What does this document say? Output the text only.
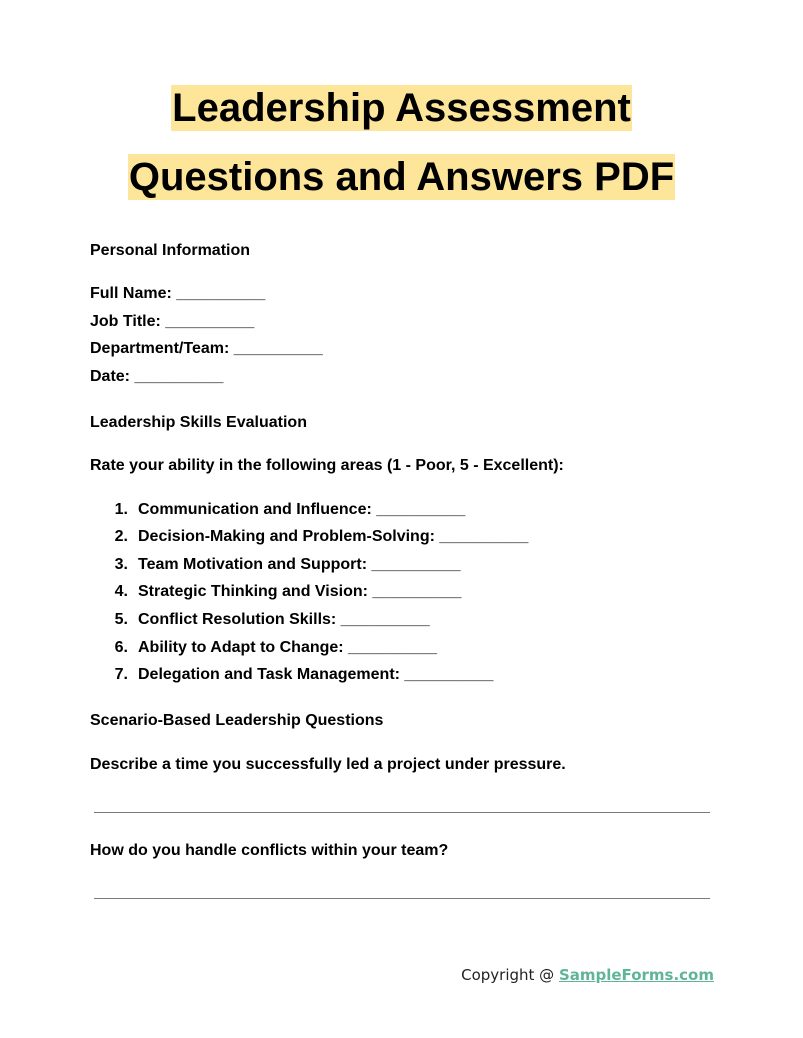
Leadership Assessment
Questions and Answers PDF
Personal Information
Full Name: __________
Job Title: __________
Department/Team: __________
Date: __________
Leadership Skills Evaluation
Rate your ability in the following areas (1 - Poor, 5 - Excellent):
1. Communication and Influence: __________
2. Decision-Making and Problem-Solving: __________
3. Team Motivation and Support: __________
4. Strategic Thinking and Vision: __________
5. Conflict Resolution Skills: __________
6. Ability to Adapt to Change: __________
7. Delegation and Task Management: __________
Scenario-Based Leadership Questions
Describe a time you successfully led a project under pressure.
How do you handle conflicts within your team?
Copyright @ SampleForms.com
